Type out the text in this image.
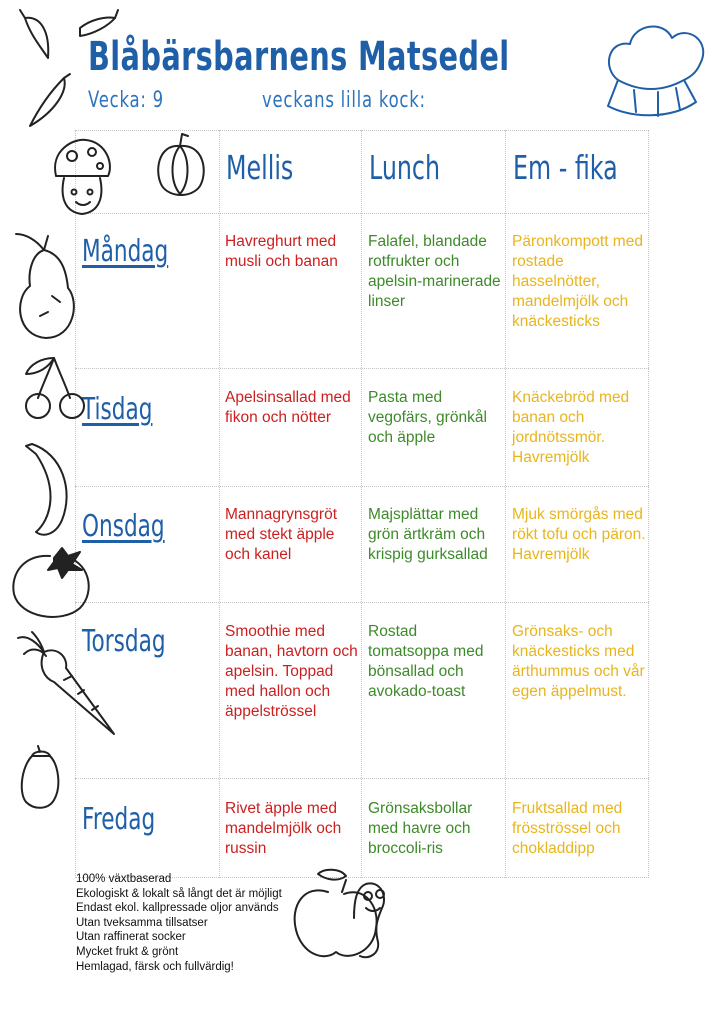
Blåbärsbarnens Matsedel
Vecka: 9	veckans lilla kock:
Mellis Lunch Em - fika
Måndag
Tisdag
Onsdag
Torsdag
Fredag
Havreghurt med musli och banan
Falafel, blandade rotfrukter och apelsin-marinerade linser
Päronkompott med rostade hasselnötter, mandelmjölk och knäckesticks
Apelsinsallad med fikon och nötter
Pasta med vegofärs, grönkål och äpple
Knäckebröd med banan och jordnötssmör. Havremjölk
Mannagrynsgröt med stekt äpple och kanel
Majsplättar med grön ärtkräm och krispig gurksallad
Mjuk smörgås med rökt tofu och päron. Havremjölk
Smoothie med banan, havtorn och apelsin. Toppad med hallon och äppelströssel
Rostad tomatsoppa med bönsallad och avokado-toast
Grönsaks- och knäckesticks med ärthummus och vår egen äppelmust.
Rivet äpple med mandelmjölk och russin
Grönsaksbollar med havre och broccoli-ris
Fruktsallad med frösströssel och chokladdipp
100% växtbaserad
Ekologiskt & lokalt så långt det är möjligt
Endast ekol. kallpressade oljor används
Utan tveksamma tillsatser
Utan raffinerat socker
Mycket frukt & grönt
Hemlagad, färsk och fullvärdig!
